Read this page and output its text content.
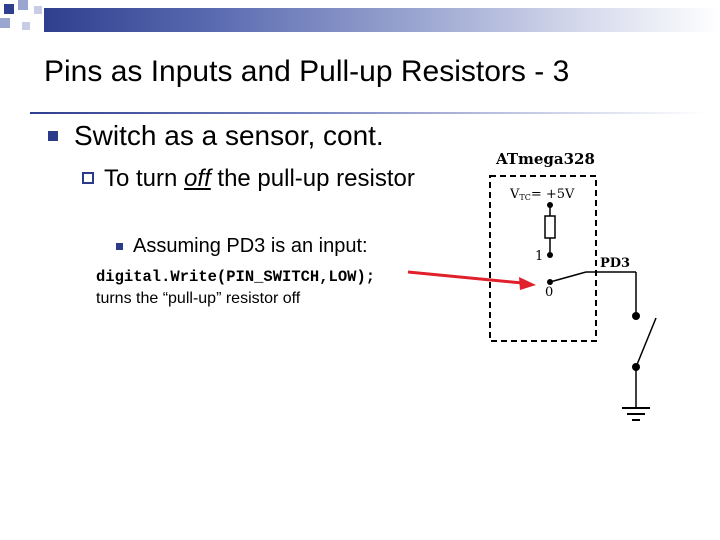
Pins as Inputs and Pull-up Resistors - 3
Switch as a sensor, cont.
To turn off the pull-up resistor
Assuming PD3 is an input:
digital.Write(PIN_SWITCH,LOW);
turns the “pull-up” resistor off
ATmega328
VTC= +5V
1
0
PD3
